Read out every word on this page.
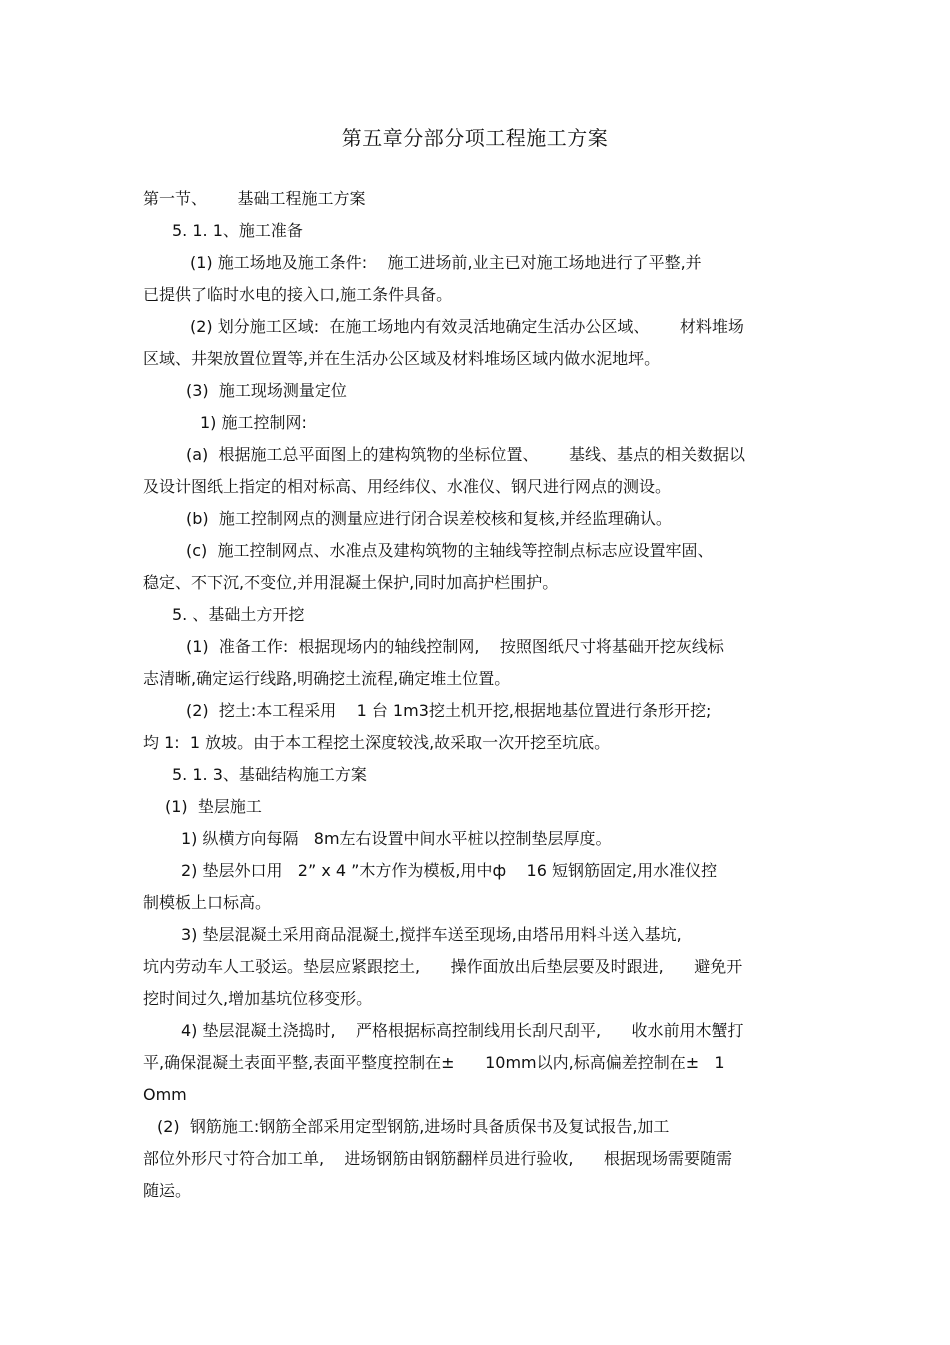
第五章分部分项工程施工方案
第一节、      基础工程施工方案
5. 1. 1、施工准备
(1) 施工场地及施工条件:    施工进场前,业主已对施工场地进行了平整,并
已提供了临时水电的接入口,施工条件具备。
(2) 划分施工区域:  在施工场地内有效灵活地确定生活办公区域、      材料堆场
区域、井架放置位置等,并在生活办公区域及材料堆场区域内做水泥地坪。
(3)  施工现场测量定位
1) 施工控制网:
(a)  根据施工总平面图上的建构筑物的坐标位置、      基线、基点的相关数据以
及设计图纸上指定的相对标高、用经纬仪、水准仪、钢尺进行网点的测设。
(b)  施工控制网点的测量应进行闭合误差校核和复核,并经监理确认。
(c)  施工控制网点、水准点及建构筑物的主轴线等控制点标志应设置牢固、
稳定、不下沉,不变位,并用混凝土保护,同时加高护栏围护。
5. 、基础土方开挖
(1)  准备工作:  根据现场内的轴线控制网,    按照图纸尺寸将基础开挖灰线标
志清晰,确定运行线路,明确挖土流程,确定堆土位置。
(2)  挖土:本工程采用    1 台 1m3挖土机开挖,根据地基位置进行条形开挖;
均 1:  1 放坡。由于本工程挖土深度较浅,故采取一次开挖至坑底。
5. 1. 3、基础结构施工方案
(1)  垫层施工
1) 纵横方向每隔   8m左右设置中间水平桩以控制垫层厚度。
2) 垫层外口用   2” x 4 ”木方作为模板,用中ф    16 短钢筋固定,用水准仪控
制模板上口标高。
3) 垫层混凝土采用商品混凝土,搅拌车送至现场,由塔吊用料斗送入基坑,
坑内劳动车人工驳运。垫层应紧跟挖土,      操作面放出后垫层要及时跟进,      避免开
挖时间过久,增加基坑位移变形。
4) 垫层混凝土浇捣时,    严格根据标高控制线用长刮尺刮平,      收水前用木蟹打
平,确保混凝土表面平整,表面平整度控制在±      10mm以内,标高偏差控制在±   1
Omm
(2)  钢筋施工:钢筋全部采用定型钢筋,进场时具备质保书及复试报告,加工
部位外形尺寸符合加工单,    进场钢筋由钢筋翻样员进行验收,      根据现场需要随需
随运。
